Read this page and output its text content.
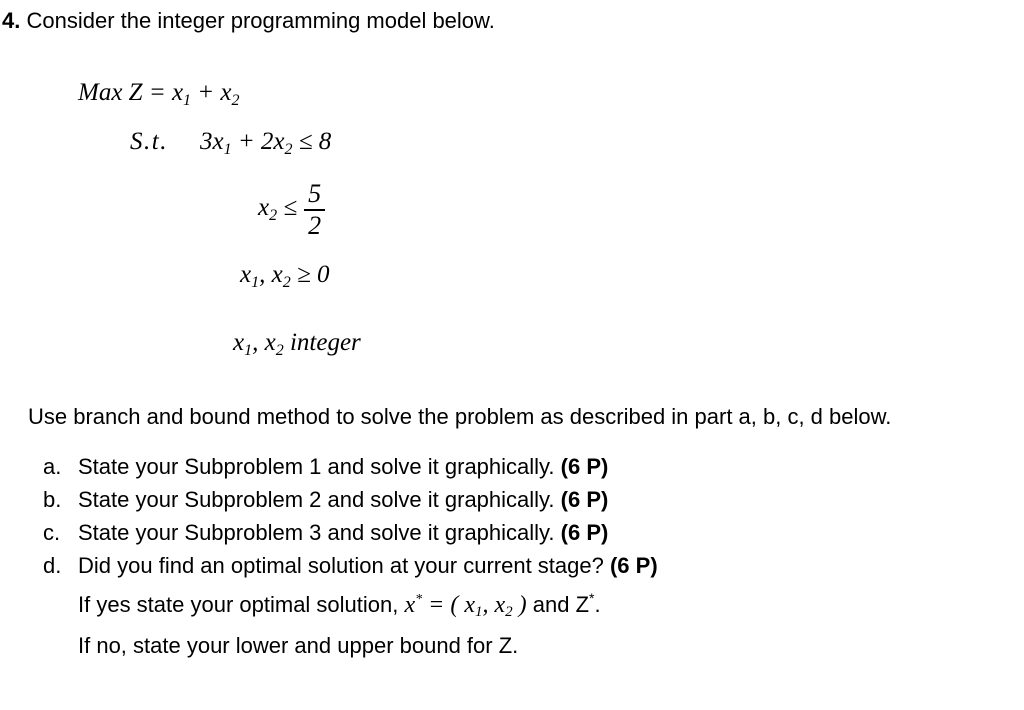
4. Consider the integer programming model below.
Max $Z = x_1 + x_2$
S.t. $3x_1 + 2x_2 \le 8$
$x_2 \le \frac{5}{2}$
$x_1$, $x_2 \ge 0$
$x_1$, $x_2$ integer
Use branch and bound method to solve the problem as described in part a, b, c, d below.
a. State your Subproblem 1 and solve it graphically. (6 P)
b. State your Subproblem 2 and solve it graphically. (6 P)
c. State your Subproblem 3 and solve it graphically. (6 P)
d. Did you find an optimal solution at your current stage? (6 P)
If yes state your optimal solution, x* = ( $x_1$, $x_2$ ) and Z*.
If no, state your lower and upper bound for Z.
